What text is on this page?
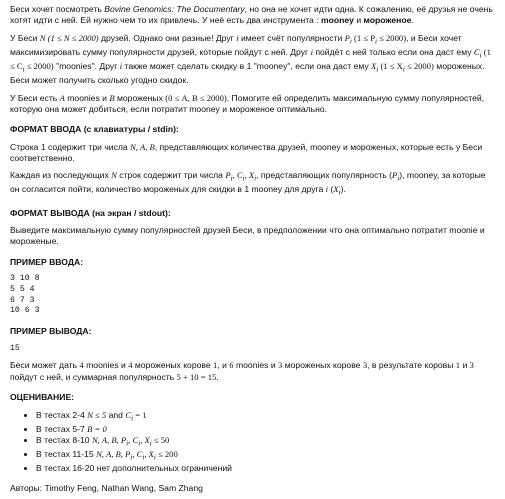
Беси хочет посмотреть Bovine Genomics: The Documentary, но она не хочет идти одна. К сожалению, её друзья не очень хотят идти с ней. Ей нужно чем то их привлечь. У неё есть два инструмента : mooney и мороженое.

У Беси N (1 ≤ N ≤ 2000) друзей. Однако они разные! Друг i имеет счёт популярности $P_i$ $(1 \le P_i \le 2000)$, и Беси хочет максимизировать сумму популярности друзей, которые пойдут с ней. Друг i пойдёт с ней только если она даст ему $C_i$ $(1 \le C_i \le 2000)$ "moonies". Друг i также может сделать скидку в 1 "mooney", если она даст ему $X_i$ $(1 \le X_i \le 2000)$ мороженых. Беси может получить сколько угодно скидок.

У Беси есть A moonies и B мороженых (0 ≤ A, B ≤ 2000). Помогите ей определить максимальную сумму популярностей, которую она может добиться, если потратит mooney и мороженое оптимально.

ФОРМАТ ВВОДА (с клавиатуры / stdin):

Строка 1 содержит три числа N, A, B, представляющих количества друзей, mooney и мороженых, которые есть у Беси соответственно.

Каждая из последующих N строк содержит три числа $P_i$, $C_i$, $X_i$, представляющих популярность $(P_i)$, mooney, за которые он согласится пойти, количество мороженых для скидки в 1 mooney для друга i $(X_i)$.

ФОРМАТ ВЫВОДА (на экран / stdout):

Выведите максимальную сумму популярностей друзей Беси, в предположении что она оптимально потратит moonie и мороженые.

ПРИМЕР ВВОДА:
3 10 8
5 5 4
6 7 3
10 6 3
ПРИМЕР ВЫВОДА:
15

Беси может дать 4 moonies и 4 мороженых корове 1, и 6 moonies и 3 мороженых корове 3, в результате коровы 1 и 3 пойдут с ней, и суммарная популярность 5 + 10 = 15.

ОЦЕНИВАНИЕ:
• В тестах 2-4 N ≤ 5 and $C_i = 1$
• В тестах 5-7 B = 0
• В тестах 8-10 N, A, B, $P_i$, $C_i$, $X_i \le 50$
• В тестах 11-15 N, A, B, $P_i$, $C_i$, $X_i \le 200$
• В тестах 16-20 нет дополнительных ограничений

Авторы: Timothy Feng, Nathan Wang, Sam Zhang
